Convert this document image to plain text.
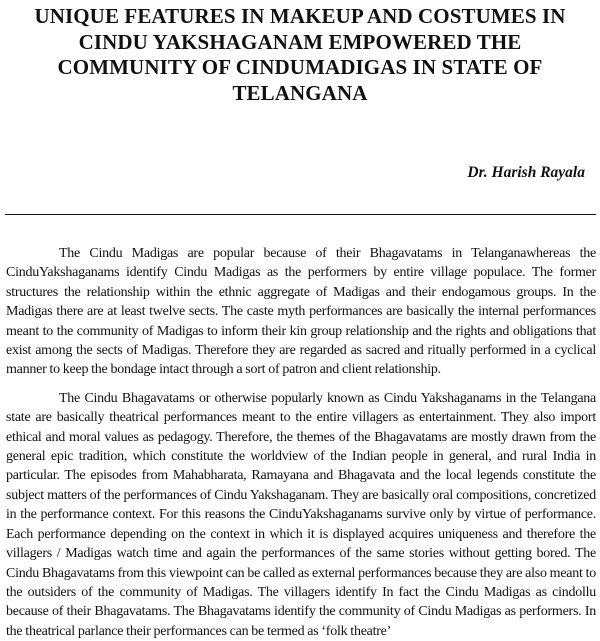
UNIQUE FEATURES IN MAKEUP AND COSTUMES IN CINDU YAKSHAGANAM EMPOWERED THE COMMUNITY OF CINDUMADIGAS IN STATE OF TELANGANA
Dr. Harish Rayala

The Cindu Madigas are popular because of their Bhagavatams in Telanganawhereas the CinduYakshaganams identify Cindu Madigas as the performers by entire village populace. The former structures the relationship within the ethnic aggregate of Madigas and their endogamous groups. In the Madigas there are at least twelve sects. The caste myth performances are basically the internal performances meant to the community of Madigas to inform their kin group relationship and the rights and obligations that exist among the sects of Madigas. Therefore they are regarded as sacred and ritually performed in a cyclical manner to keep the bondage intact through a sort of patron and client relationship.

The Cindu Bhagavatams or otherwise popularly known as Cindu Yakshaganams in the Telangana state are basically theatrical performances meant to the entire villagers as entertainment. They also import ethical and moral values as pedagogy. Therefore, the themes of the Bhagavatams are mostly drawn from the general epic tradition, which constitute the worldview of the Indian people in general, and rural India in particular. The episodes from Mahabharata, Ramayana and Bhagavata and the local legends constitute the subject matters of the performances of Cindu Yakshaganam. They are basically oral compositions, concretized in the performance context. For this reasons the CinduYakshaganams survive only by virtue of performance. Each performance depending on the context in which it is displayed acquires uniqueness and therefore the villagers / Madigas watch time and again the performances of the same stories without getting bored. The Cindu Bhagavatams from this viewpoint can be called as external performances because they are also meant to the outsiders of the community of Madigas. The villagers identify In fact the Cindu Madigas as cindollu because of their Bhagavatams. The Bhagavatams identify the community of Cindu Madigas as performers. In the theatrical parlance their performances can be termed as ‘folk theatre’
